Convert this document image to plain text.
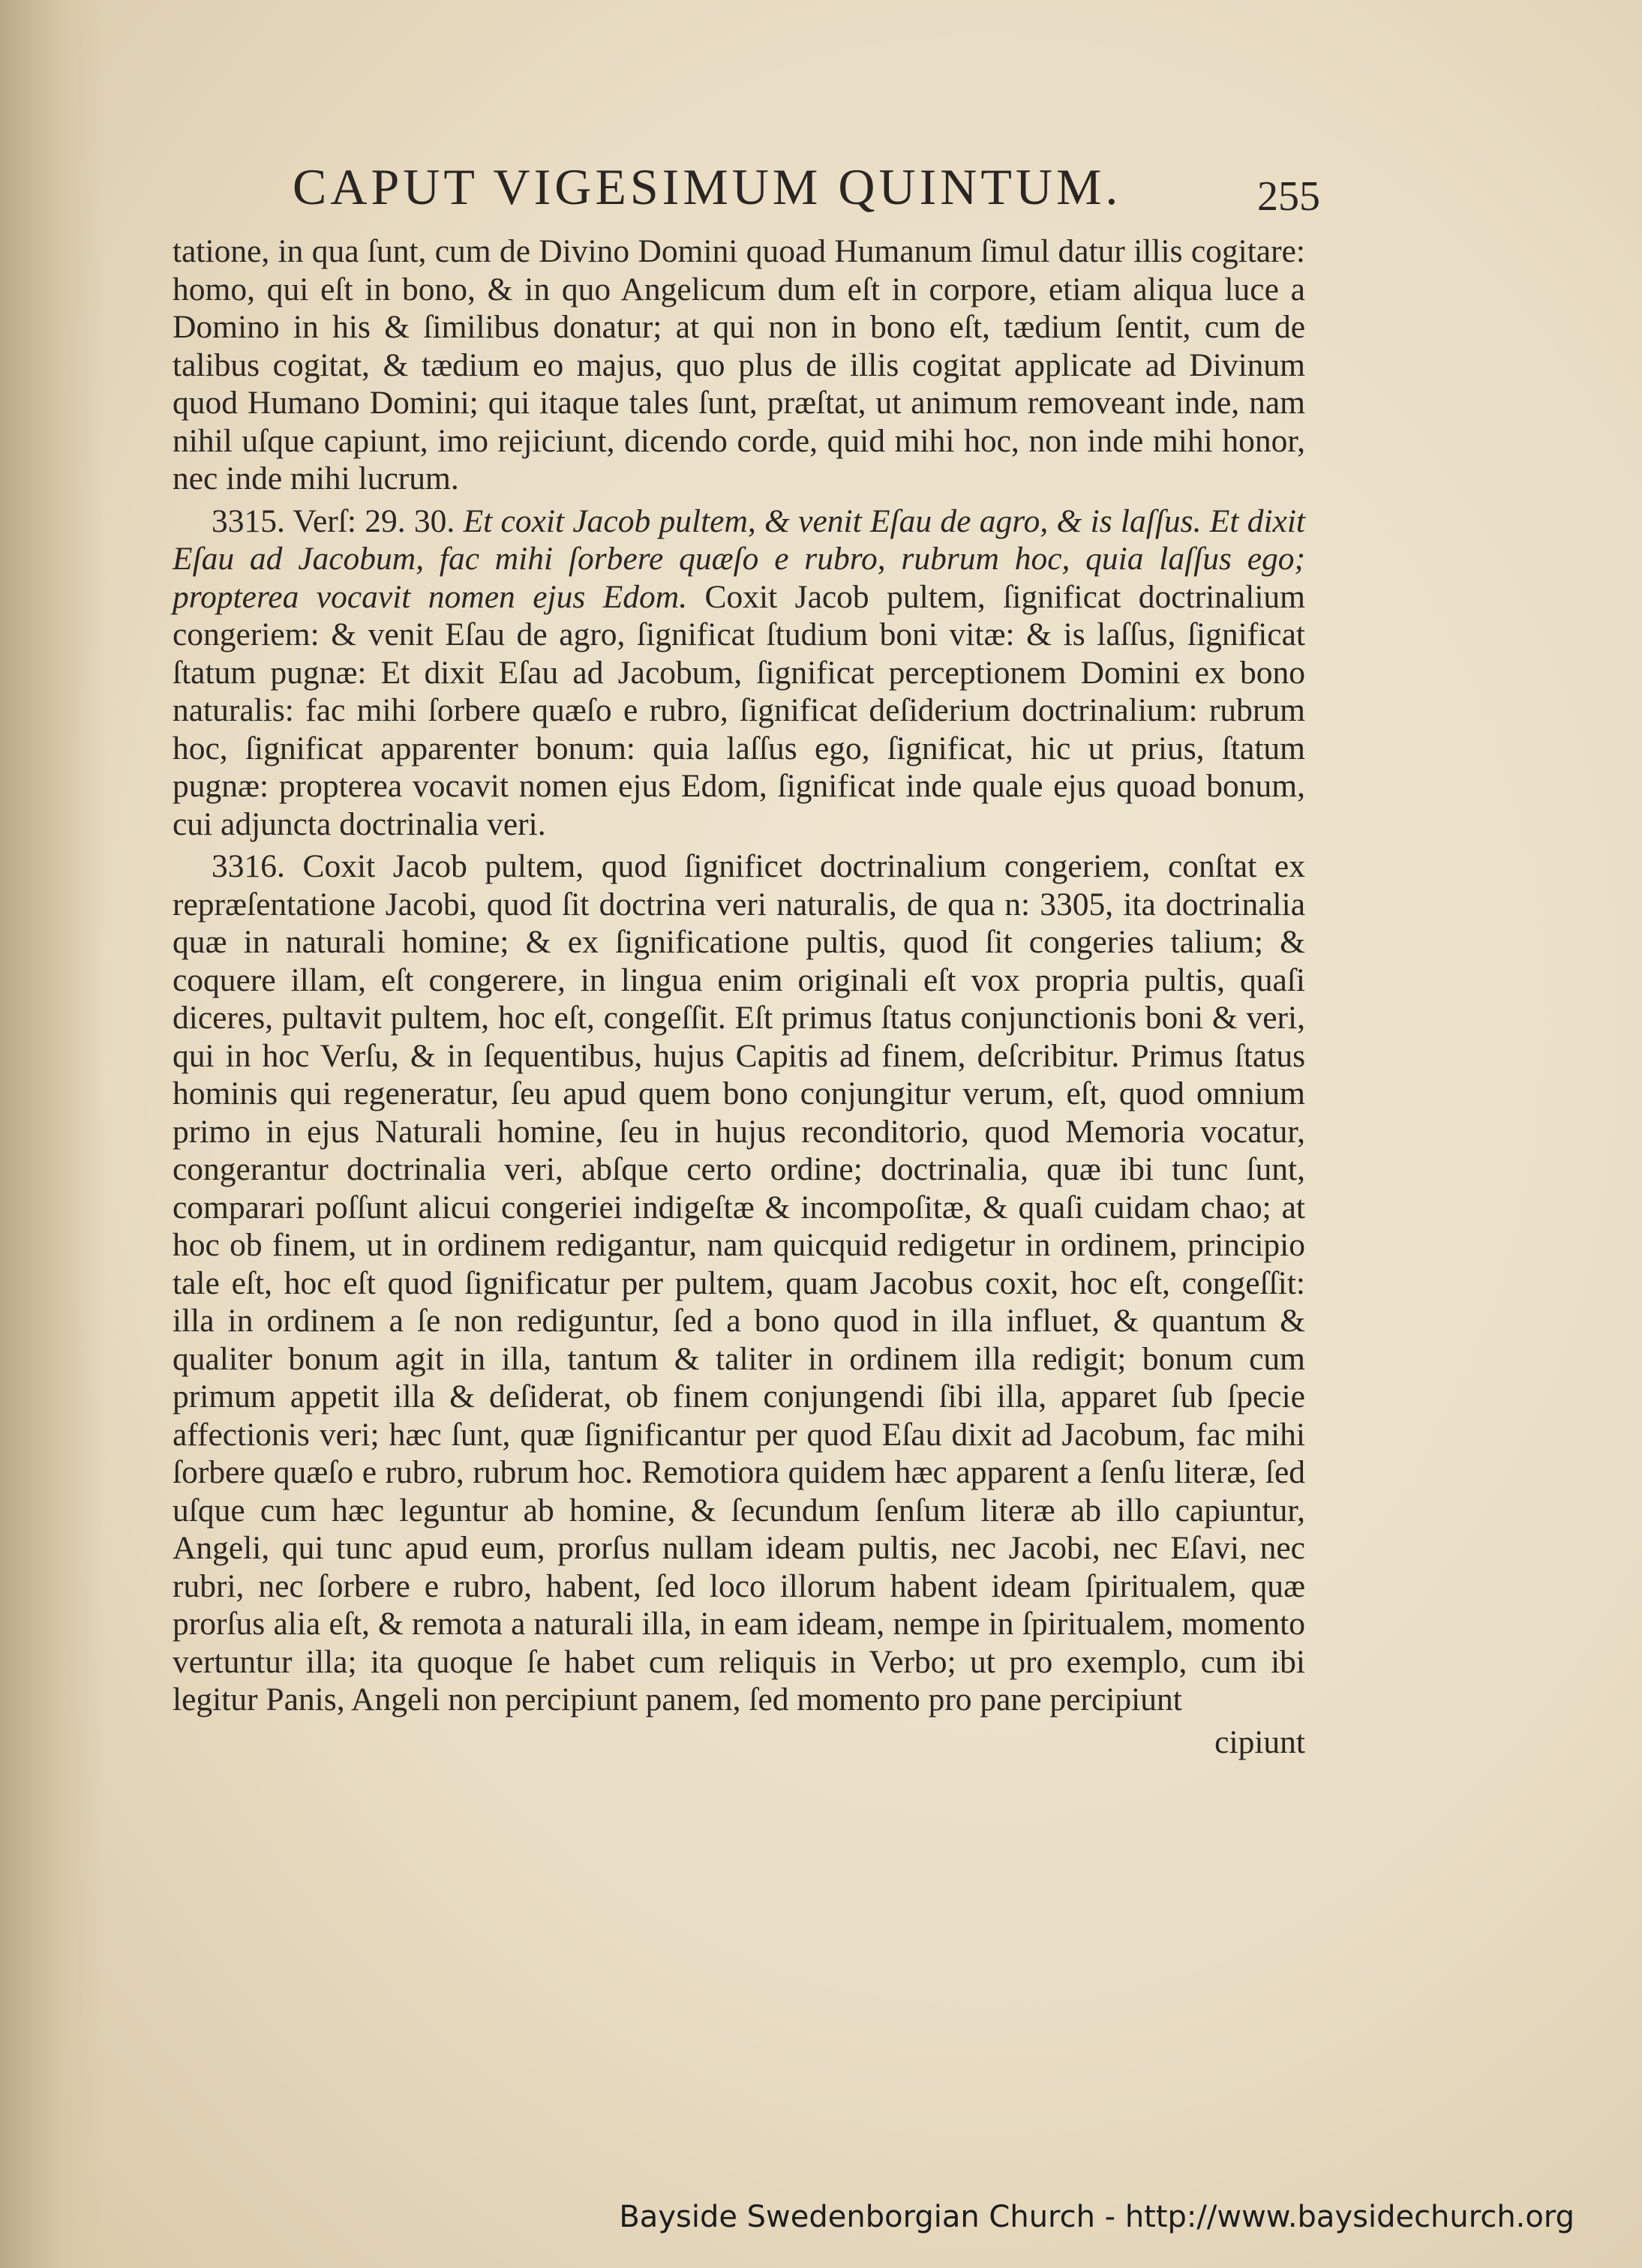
CAPUT VIGESIMUM QUINTUM.	255

tatione, in qua ſunt, cum de Divino Domini quoad Humanum ſimul datur illis cogitare: homo, qui eſt in bono, & in quo Angelicum dum eſt in corpore, etiam aliqua luce a Domino in his & ſimilibus donatur; at qui non in bono eſt, tædium ſentit, cum de talibus cogitat, & tædium eo majus, quo plus de illis cogitat applicate ad Divinum quod Humano Domini; qui itaque tales ſunt, præſtat, ut animum removeant inde, nam nihil uſque capiunt, imo rejiciunt, dicendo corde, quid mihi hoc, non inde mihi honor, nec inde mihi lucrum.

3315. Verſ: 29. 30. Et coxit Jacob pultem, & venit Eſau de agro, & is laſſus. Et dixit Eſau ad Jacobum, fac mihi ſorbere quæſo e rubro, rubrum hoc, quia laſſus ego; propterea vocavit nomen ejus Edom. Coxit Jacob pultem, ſignificat doctrinalium congeriem: & venit Eſau de agro, ſignificat ſtudium boni vitæ: & is laſſus, ſignificat ſtatum pugnæ: Et dixit Eſau ad Jacobum, ſignificat perceptionem Domini ex bono naturalis: fac mihi ſorbere quæſo e rubro, ſignificat deſiderium doctrinalium: rubrum hoc, ſignificat apparenter bonum: quia laſſus ego, ſignificat, hic ut prius, ſtatum pugnæ: propterea vocavit nomen ejus Edom, ſignificat inde quale ejus quoad bonum, cui adjuncta doctrinalia veri.

3316. Coxit Jacob pultem, quod ſignificet doctrinalium congeriem, conſtat ex repræſentatione Jacobi, quod ſit doctrina veri naturalis, de qua n: 3305, ita doctrinalia quæ in naturali homine; & ex ſignificatione pultis, quod ſit congeries talium; & coquere illam, eſt congerere, in lingua enim originali eſt vox propria pultis, quaſi diceres, pultavit pultem, hoc eſt, congeſſit. Eſt primus ſtatus conjunctionis boni & veri, qui in hoc Verſu, & in ſequentibus, hujus Capitis ad finem, deſcribitur. Primus ſtatus hominis qui regeneratur, ſeu apud quem bono conjungitur verum, eſt, quod omnium primo in ejus Naturali homine, ſeu in hujus reconditorio, quod Memoria vocatur, congerantur doctrinalia veri, abſque certo ordine; doctrinalia, quæ ibi tunc ſunt, comparari poſſunt alicui congeriei indigeſtæ & incompoſitæ, & quaſi cuidam chao; at hoc ob finem, ut in ordinem redigantur, nam quicquid redigetur in ordinem, principio tale eſt, hoc eſt quod ſignificatur per pultem, quam Jacobus coxit, hoc eſt, congeſſit: illa in ordinem a ſe non rediguntur, ſed a bono quod in illa influet, & quantum & qualiter bonum agit in illa, tantum & taliter in ordinem illa redigit; bonum cum primum appetit illa & deſiderat, ob finem conjungendi ſibi illa, apparet ſub ſpecie affectionis veri; hæc ſunt, quæ ſignificantur per quod Eſau dixit ad Jacobum, fac mihi ſorbere quæſo e rubro, rubrum hoc. Remotiora quidem hæc apparent a ſenſu literæ, ſed uſque cum hæc leguntur ab homine, & ſecundum ſenſum literæ ab illo capiuntur, Angeli, qui tunc apud eum, prorſus nullam ideam pultis, nec Jacobi, nec Eſavi, nec rubri, nec ſorbere e rubro, habent, ſed loco illorum habent ideam ſpiritualem, quæ prorſus alia eſt, & remota a naturali illa, in eam ideam, nempe in ſpiritualem, momento vertuntur illa; ita quoque ſe habet cum reliquis in Verbo; ut pro exemplo, cum ibi legitur Panis, Angeli non percipiunt panem, ſed momento pro pane percipiunt

cipiunt
Bayside Swedenborgian Church - http://www.baysidechurch.org
